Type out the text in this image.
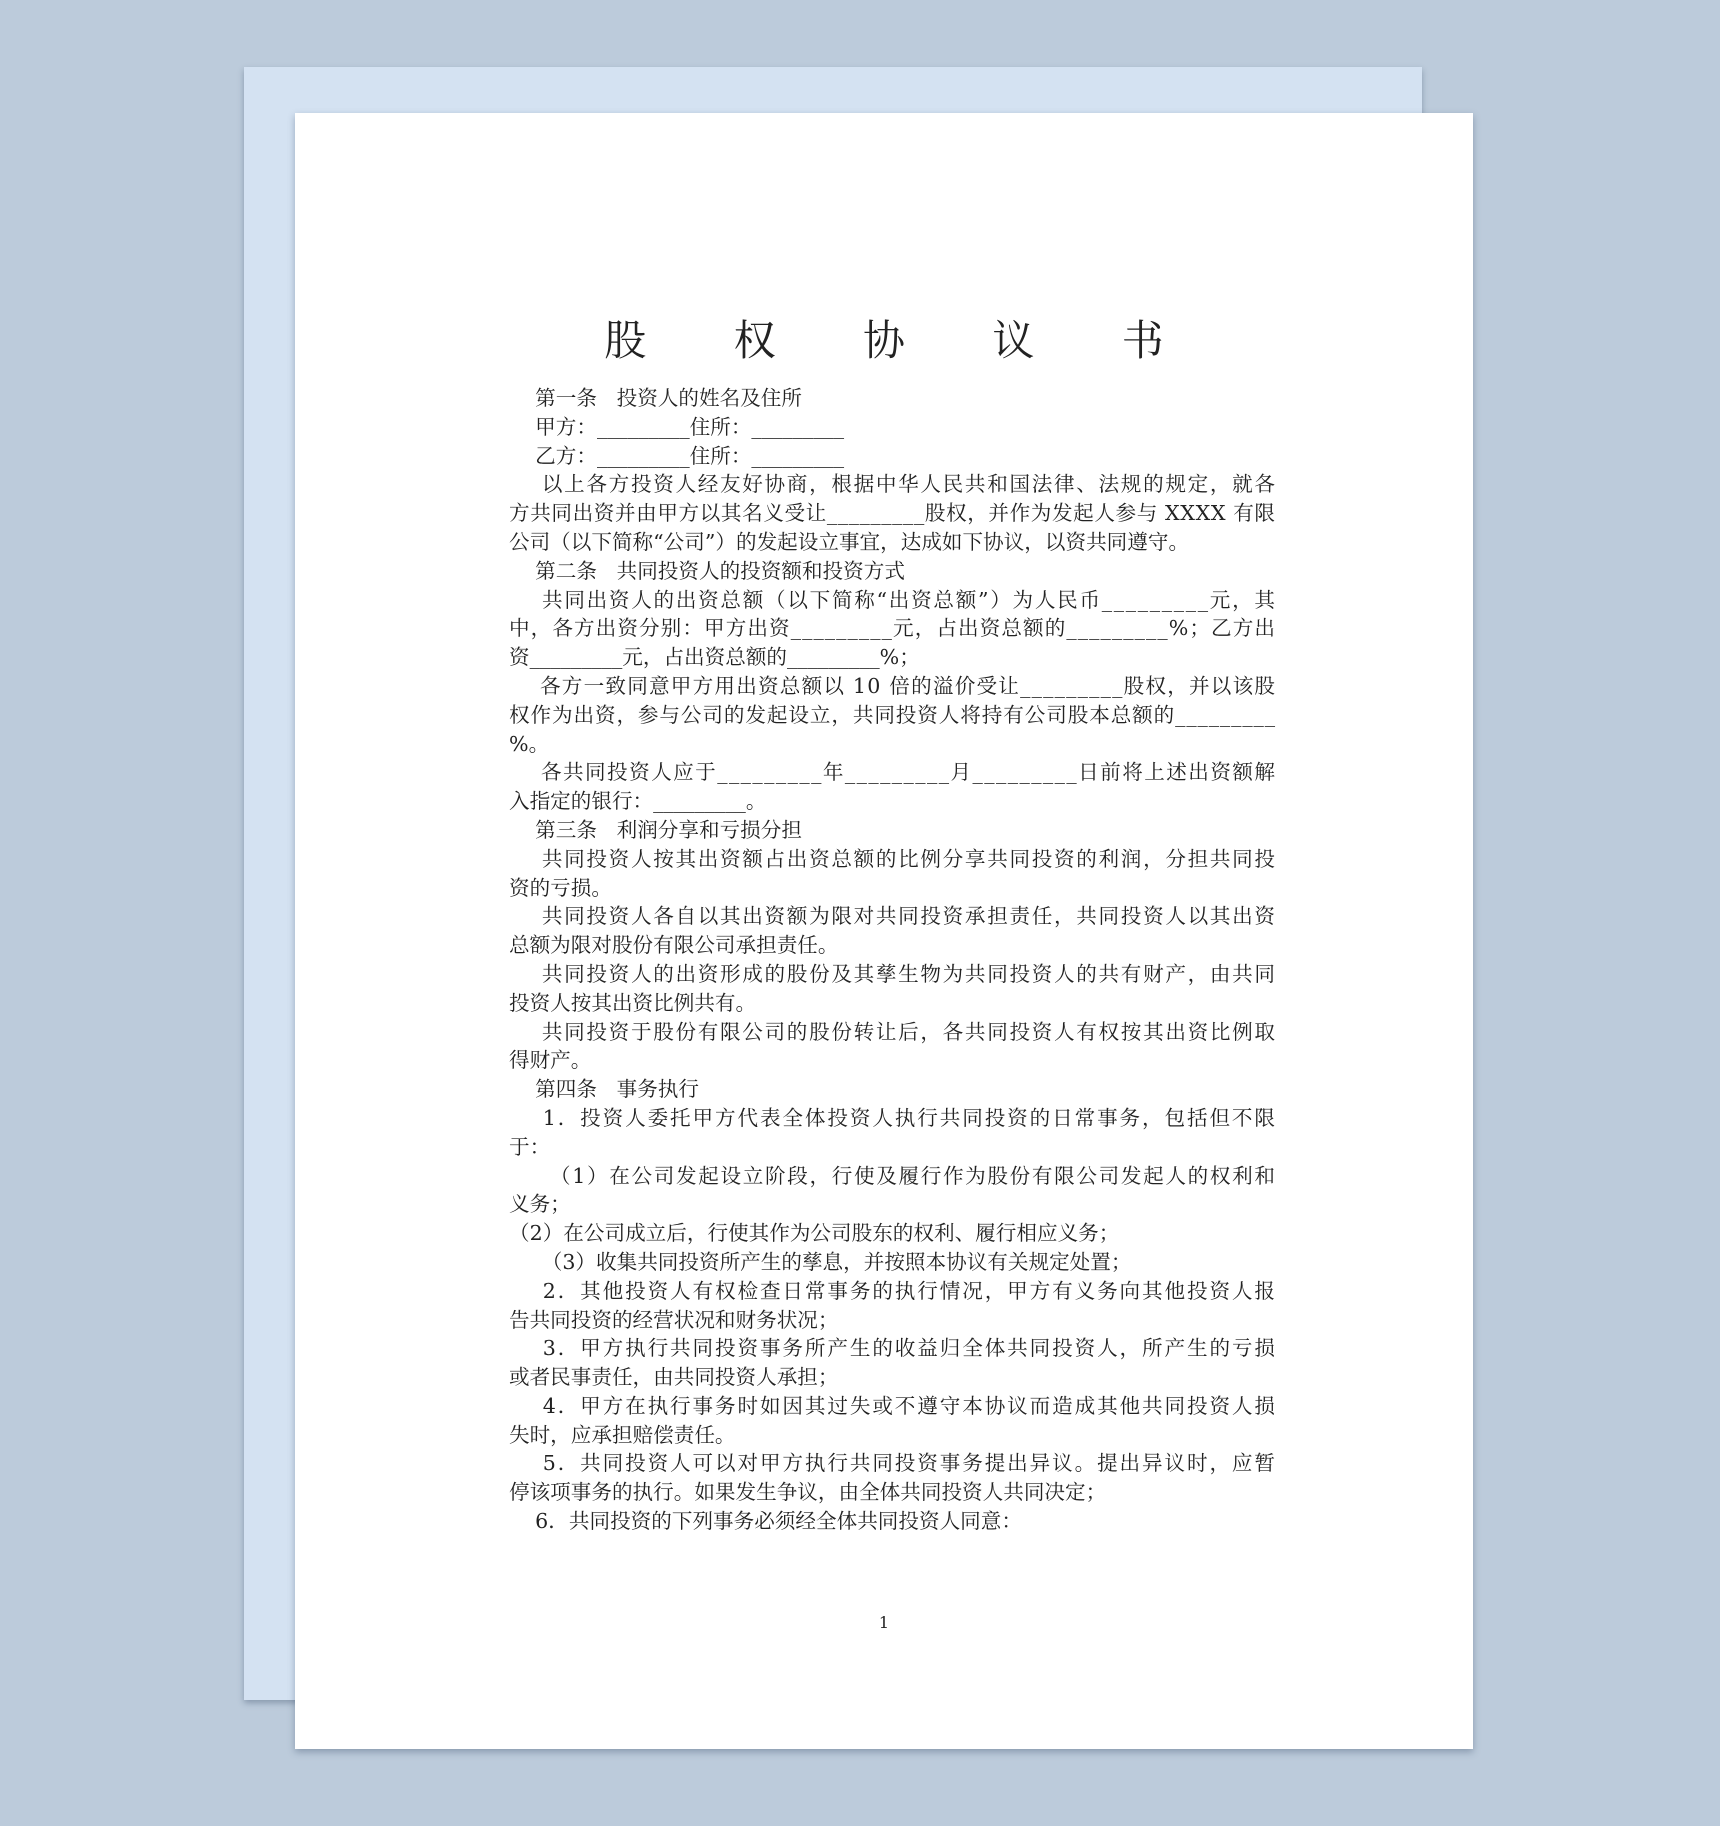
股 权 协 议 书
第一条   投资人的姓名及住所
甲方：_________住所：_________
乙方：_________住所：_________
以上各方投资人经友好协商，根据中华人民共和国法律、法规的规定，就各
方共同出资并由甲方以其名义受让_________股权，并作为发起人参与 XXXX 有限
公司（以下简称“公司”）的发起设立事宜，达成如下协议，以资共同遵守。
第二条   共同投资人的投资额和投资方式
共同出资人的出资总额（以下简称“出资总额”）为人民币_________元，其
中，各方出资分别：甲方出资_________元，占出资总额的_________%；乙方出
资_________元，占出资总额的_________%；
各方一致同意甲方用出资总额以 10 倍的溢价受让_________股权，并以该股
权作为出资，参与公司的发起设立，共同投资人将持有公司股本总额的_________
%。
各共同投资人应于_________年_________月_________日前将上述出资额解
入指定的银行：_________。
第三条   利润分享和亏损分担
共同投资人按其出资额占出资总额的比例分享共同投资的利润，分担共同投
资的亏损。
共同投资人各自以其出资额为限对共同投资承担责任，共同投资人以其出资
总额为限对股份有限公司承担责任。
共同投资人的出资形成的股份及其孳生物为共同投资人的共有财产，由共同
投资人按其出资比例共有。
共同投资于股份有限公司的股份转让后，各共同投资人有权按其出资比例取
得财产。
第四条   事务执行
1．投资人委托甲方代表全体投资人执行共同投资的日常事务，包括但不限
于：
（1）在公司发起设立阶段，行使及履行作为股份有限公司发起人的权利和
义务；
（2）在公司成立后，行使其作为公司股东的权利、履行相应义务；
（3）收集共同投资所产生的孳息，并按照本协议有关规定处置；
2．其他投资人有权检查日常事务的执行情况，甲方有义务向其他投资人报
告共同投资的经营状况和财务状况；
3．甲方执行共同投资事务所产生的收益归全体共同投资人，所产生的亏损
或者民事责任，由共同投资人承担；
4．甲方在执行事务时如因其过失或不遵守本协议而造成其他共同投资人损
失时，应承担赔偿责任。
5．共同投资人可以对甲方执行共同投资事务提出异议。提出异议时，应暂
停该项事务的执行。如果发生争议，由全体共同投资人共同决定；
6．共同投资的下列事务必须经全体共同投资人同意：
1
